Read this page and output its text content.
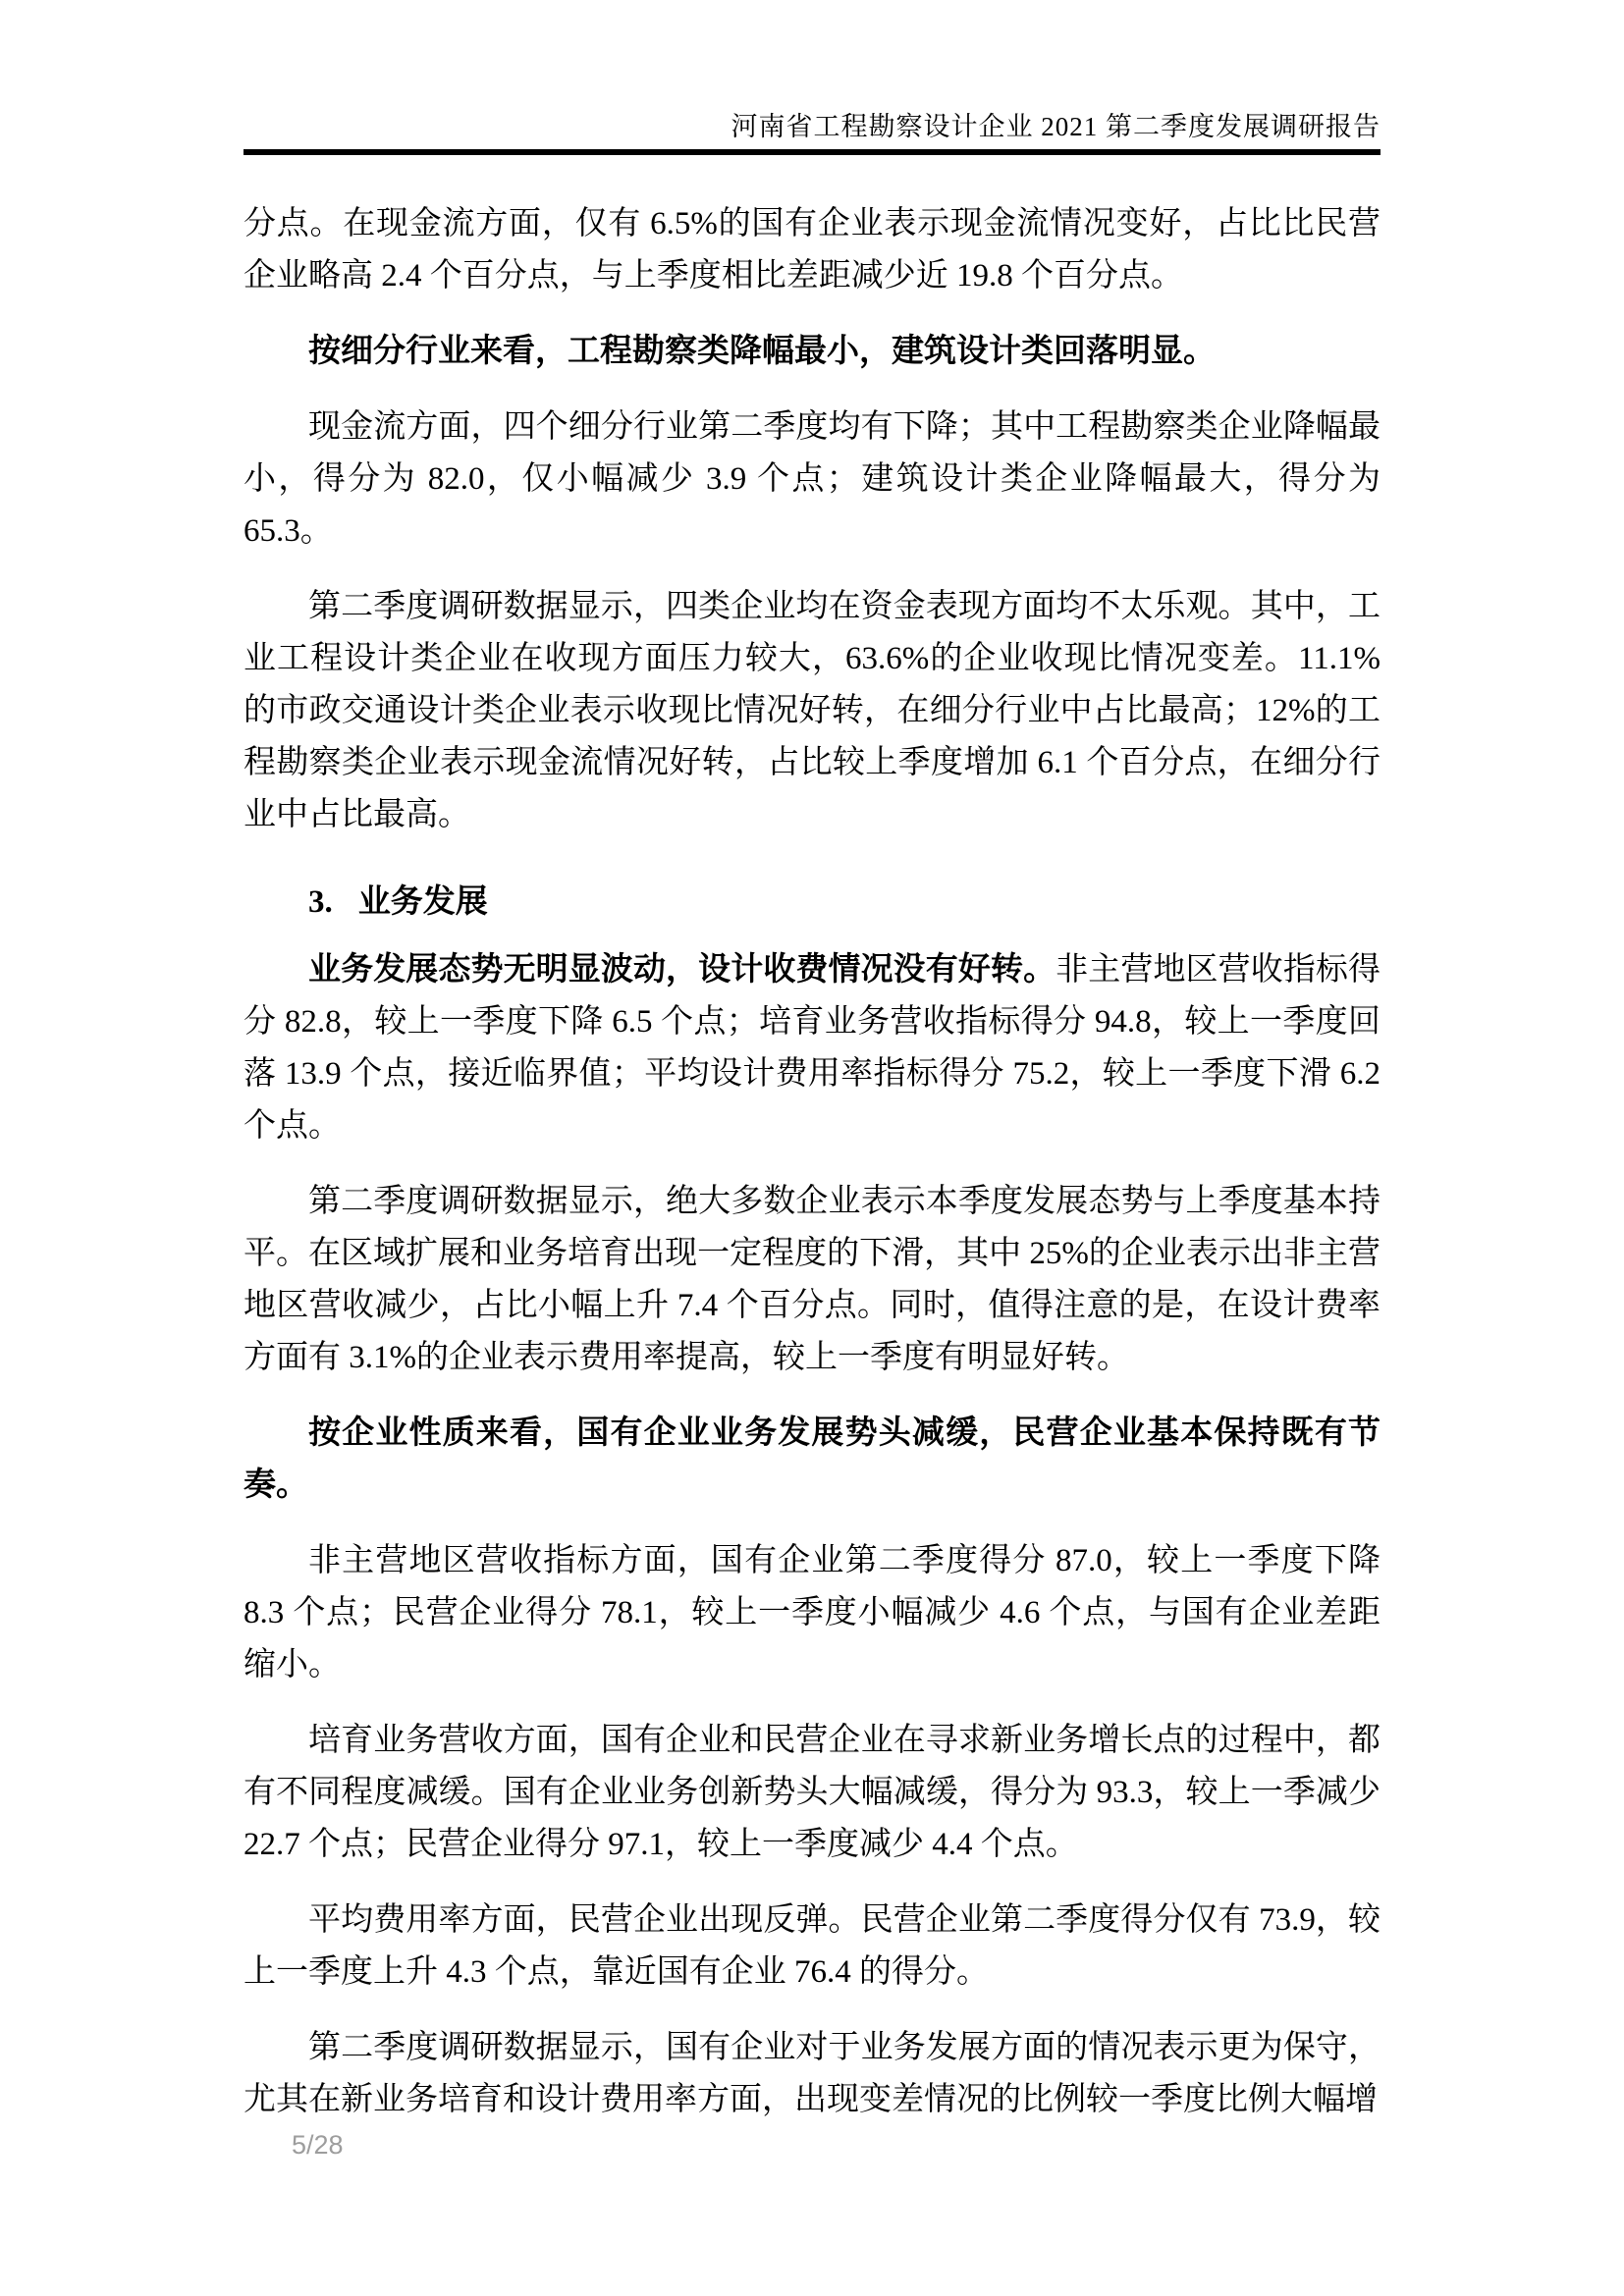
河南省工程勘察设计企业 2021 第二季度发展调研报告

分点。在现金流方面，仅有 6.5%的国有企业表示现金流情况变好，占比比民营企业略高 2.4 个百分点，与上季度相比差距减少近 19.8 个百分点。

按细分行业来看，工程勘察类降幅最小，建筑设计类回落明显。

现金流方面，四个细分行业第二季度均有下降；其中工程勘察类企业降幅最小，得分为 82.0，仅小幅减少 3.9 个点；建筑设计类企业降幅最大，得分为 65.3。

第二季度调研数据显示，四类企业均在资金表现方面均不太乐观。其中，工业工程设计类企业在收现方面压力较大，63.6%的企业收现比情况变差。11.1%的市政交通设计类企业表示收现比情况好转，在细分行业中占比最高；12%的工程勘察类企业表示现金流情况好转，占比较上季度增加 6.1 个百分点，在细分行业中占比最高。

3. 业务发展

业务发展态势无明显波动，设计收费情况没有好转。非主营地区营收指标得分 82.8，较上一季度下降 6.5 个点；培育业务营收指标得分 94.8，较上一季度回落 13.9 个点，接近临界值；平均设计费用率指标得分 75.2，较上一季度下滑 6.2 个点。

第二季度调研数据显示，绝大多数企业表示本季度发展态势与上季度基本持平。在区域扩展和业务培育出现一定程度的下滑，其中 25%的企业表示出非主营地区营收减少，占比小幅上升 7.4 个百分点。同时，值得注意的是，在设计费率方面有 3.1%的企业表示费用率提高，较上一季度有明显好转。

按企业性质来看，国有企业业务发展势头减缓，民营企业基本保持既有节奏。

非主营地区营收指标方面，国有企业第二季度得分 87.0，较上一季度下降 8.3 个点；民营企业得分 78.1，较上一季度小幅减少 4.6 个点，与国有企业差距缩小。

培育业务营收方面，国有企业和民营企业在寻求新业务增长点的过程中，都有不同程度减缓。国有企业业务创新势头大幅减缓，得分为 93.3，较上一季减少 22.7 个点；民营企业得分 97.1，较上一季度减少 4.4 个点。

平均费用率方面，民营企业出现反弹。民营企业第二季度得分仅有 73.9，较上一季度上升 4.3 个点，靠近国有企业 76.4 的得分。

第二季度调研数据显示，国有企业对于业务发展方面的情况表示更为保守，尤其在新业务培育和设计费用率方面，出现变差情况的比例较一季度比例大幅增

5/28
